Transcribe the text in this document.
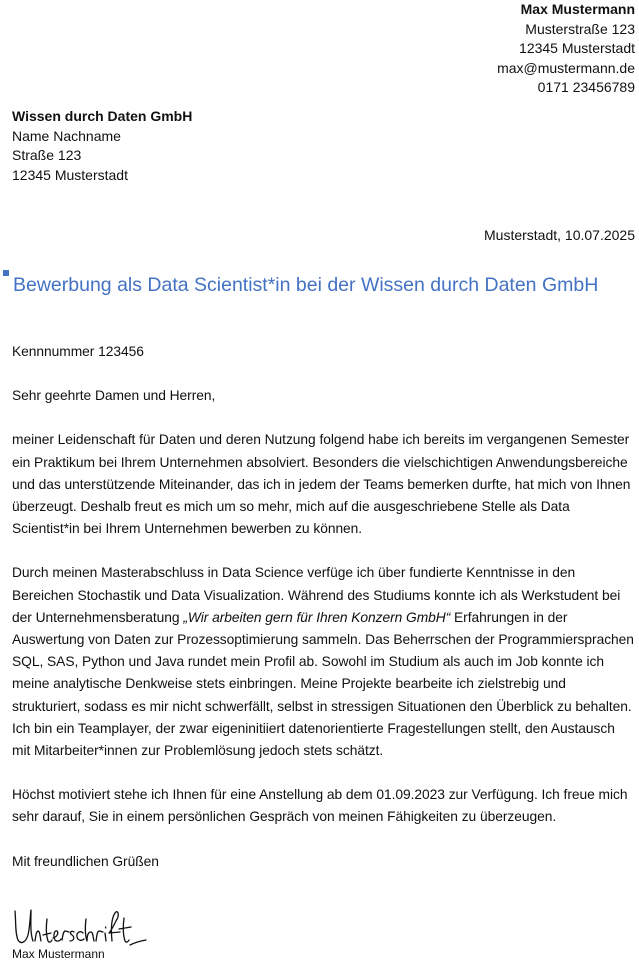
Max Mustermann
Musterstraße 123
12345 Musterstadt
max@mustermann.de
0171 23456789
Wissen durch Daten GmbH
Name Nachname
Straße 123
12345 Musterstadt
Musterstadt, 10.07.2025
Bewerbung als Data Scientist*in bei der Wissen durch Daten GmbH

Kennnummer 123456

Sehr geehrte Damen und Herren,

meiner Leidenschaft für Daten und deren Nutzung folgend habe ich bereits im vergangenen Semester ein Praktikum bei Ihrem Unternehmen absolviert. Besonders die vielschichtigen Anwendungsbereiche und das unterstützende Miteinander, das ich in jedem der Teams bemerken durfte, hat mich von Ihnen überzeugt. Deshalb freut es mich um so mehr, mich auf die ausgeschriebene Stelle als Data Scientist*in bei Ihrem Unternehmen bewerben zu können.

Durch meinen Masterabschluss in Data Science verfüge ich über fundierte Kenntnisse in den Bereichen Stochastik und Data Visualization. Während des Studiums konnte ich als Werkstudent bei der Unternehmensberatung „Wir arbeiten gern für Ihren Konzern GmbH“ Erfahrungen in der Auswertung von Daten zur Prozessoptimierung sammeln. Das Beherrschen der Programmiersprachen SQL, SAS, Python und Java rundet mein Profil ab. Sowohl im Studium als auch im Job konnte ich meine analytische Denkweise stets einbringen. Meine Projekte bearbeite ich zielstrebig und strukturiert, sodass es mir nicht schwerfällt, selbst in stressigen Situationen den Überblick zu behalten. Ich bin ein Teamplayer, der zwar eigeninitiiert datenorientierte Fragestellungen stellt, den Austausch mit Mitarbeiter*innen zur Problemlösung jedoch stets schätzt.

Höchst motiviert stehe ich Ihnen für eine Anstellung ab dem 01.09.2023 zur Verfügung. Ich freue mich sehr darauf, Sie in einem persönlichen Gespräch von meinen Fähigkeiten zu überzeugen.

Mit freundlichen Grüßen

Max Mustermann
